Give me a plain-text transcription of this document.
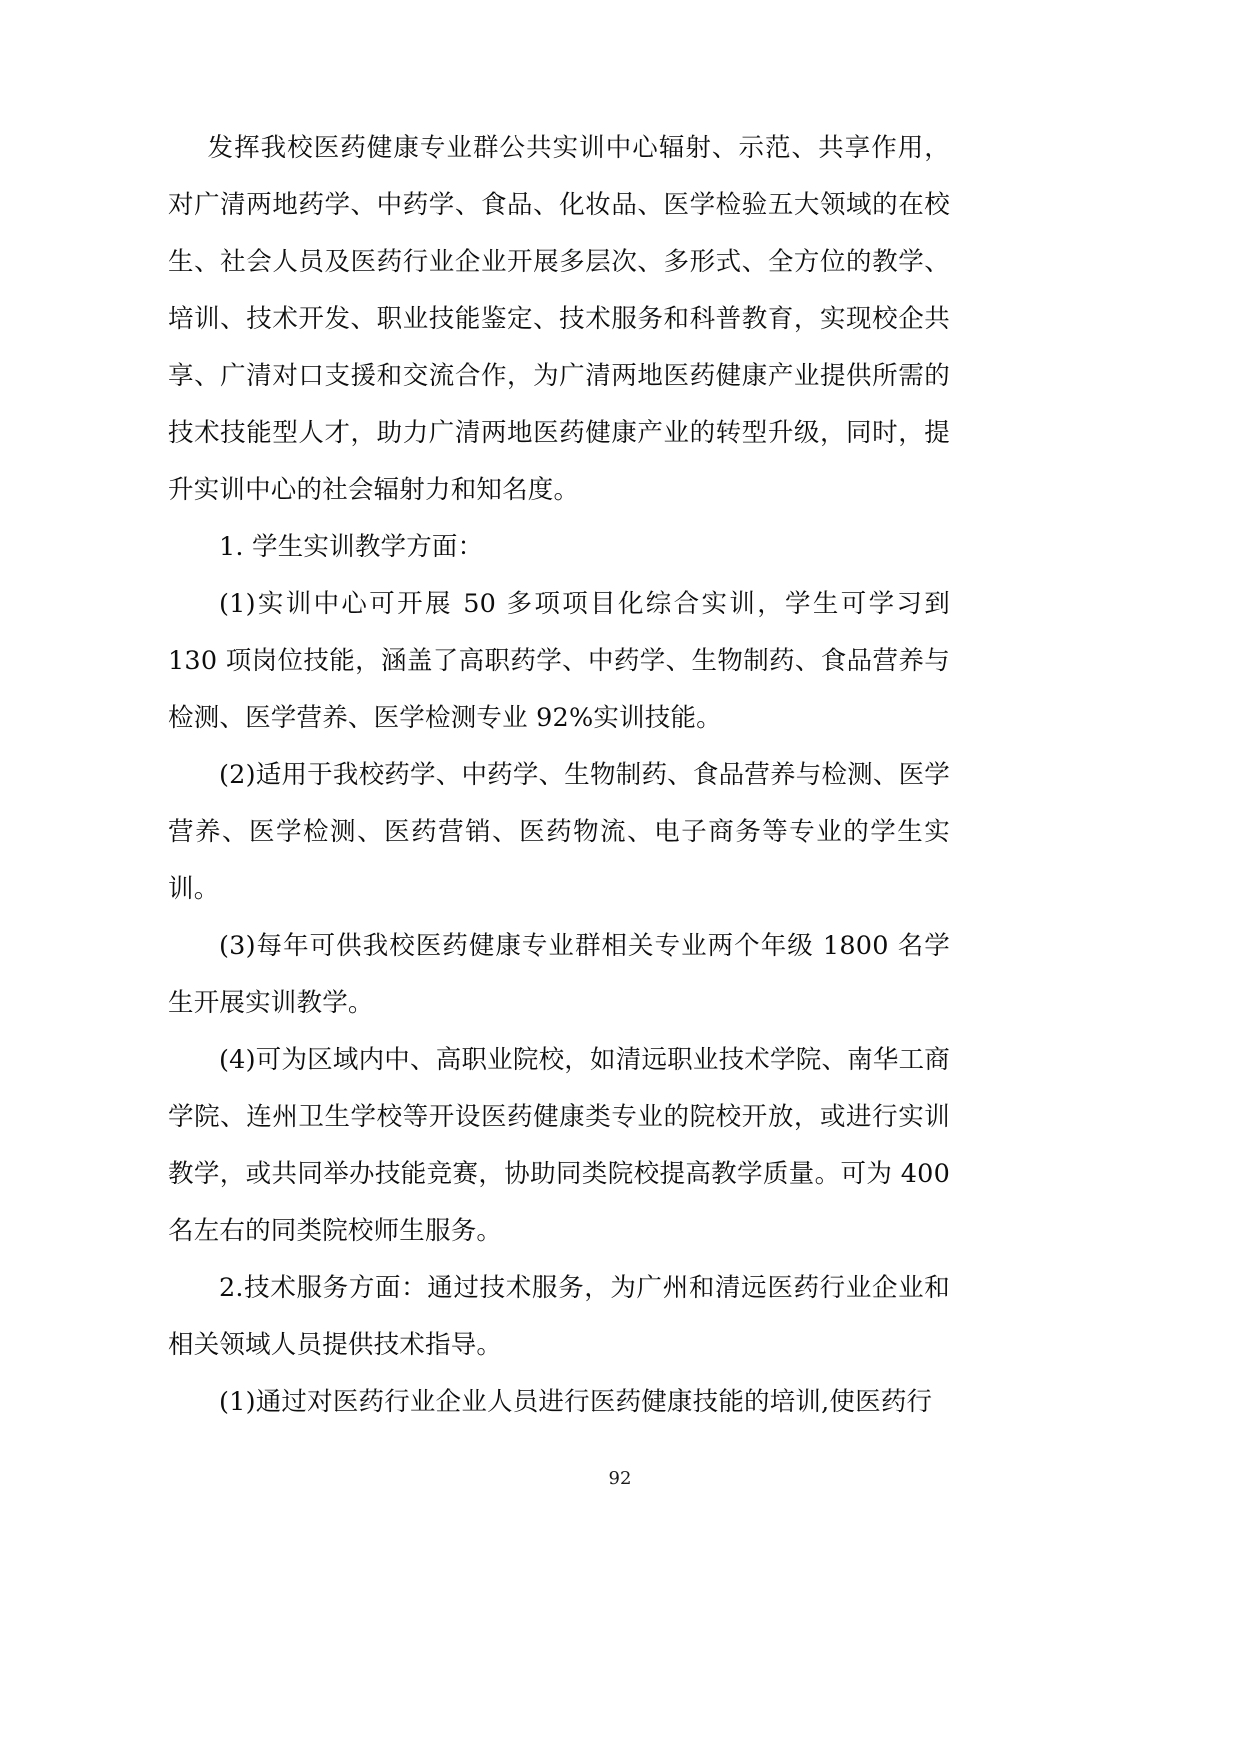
发挥我校医药健康专业群公共实训中心辐射、示范、共享作用，对广清两地药学、中药学、食品、化妆品、医学检验五大领域的在校生、社会人员及医药行业企业开展多层次、多形式、全方位的教学、培训、技术开发、职业技能鉴定、技术服务和科普教育，实现校企共享、广清对口支援和交流合作，为广清两地医药健康产业提供所需的技术技能型人才，助力广清两地医药健康产业的转型升级，同时，提升实训中心的社会辐射力和知名度。

1. 学生实训教学方面：

(1)实训中心可开展 50 多项项目化综合实训，学生可学习到 130 项岗位技能，涵盖了高职药学、中药学、生物制药、食品营养与检测、医学营养、医学检测专业 92%实训技能。

(2)适用于我校药学、中药学、生物制药、食品营养与检测、医学营养、医学检测、医药营销、医药物流、电子商务等专业的学生实训。

(3)每年可供我校医药健康专业群相关专业两个年级 1800 名学生开展实训教学。

(4)可为区域内中、高职业院校，如清远职业技术学院、南华工商学院、连州卫生学校等开设医药健康类专业的院校开放，或进行实训教学，或共同举办技能竞赛，协助同类院校提高教学质量。可为 400 名左右的同类院校师生服务。

2.技术服务方面：通过技术服务，为广州和清远医药行业企业和相关领域人员提供技术指导。

(1)通过对医药行业企业人员进行医药健康技能的培训,使医药行

92
